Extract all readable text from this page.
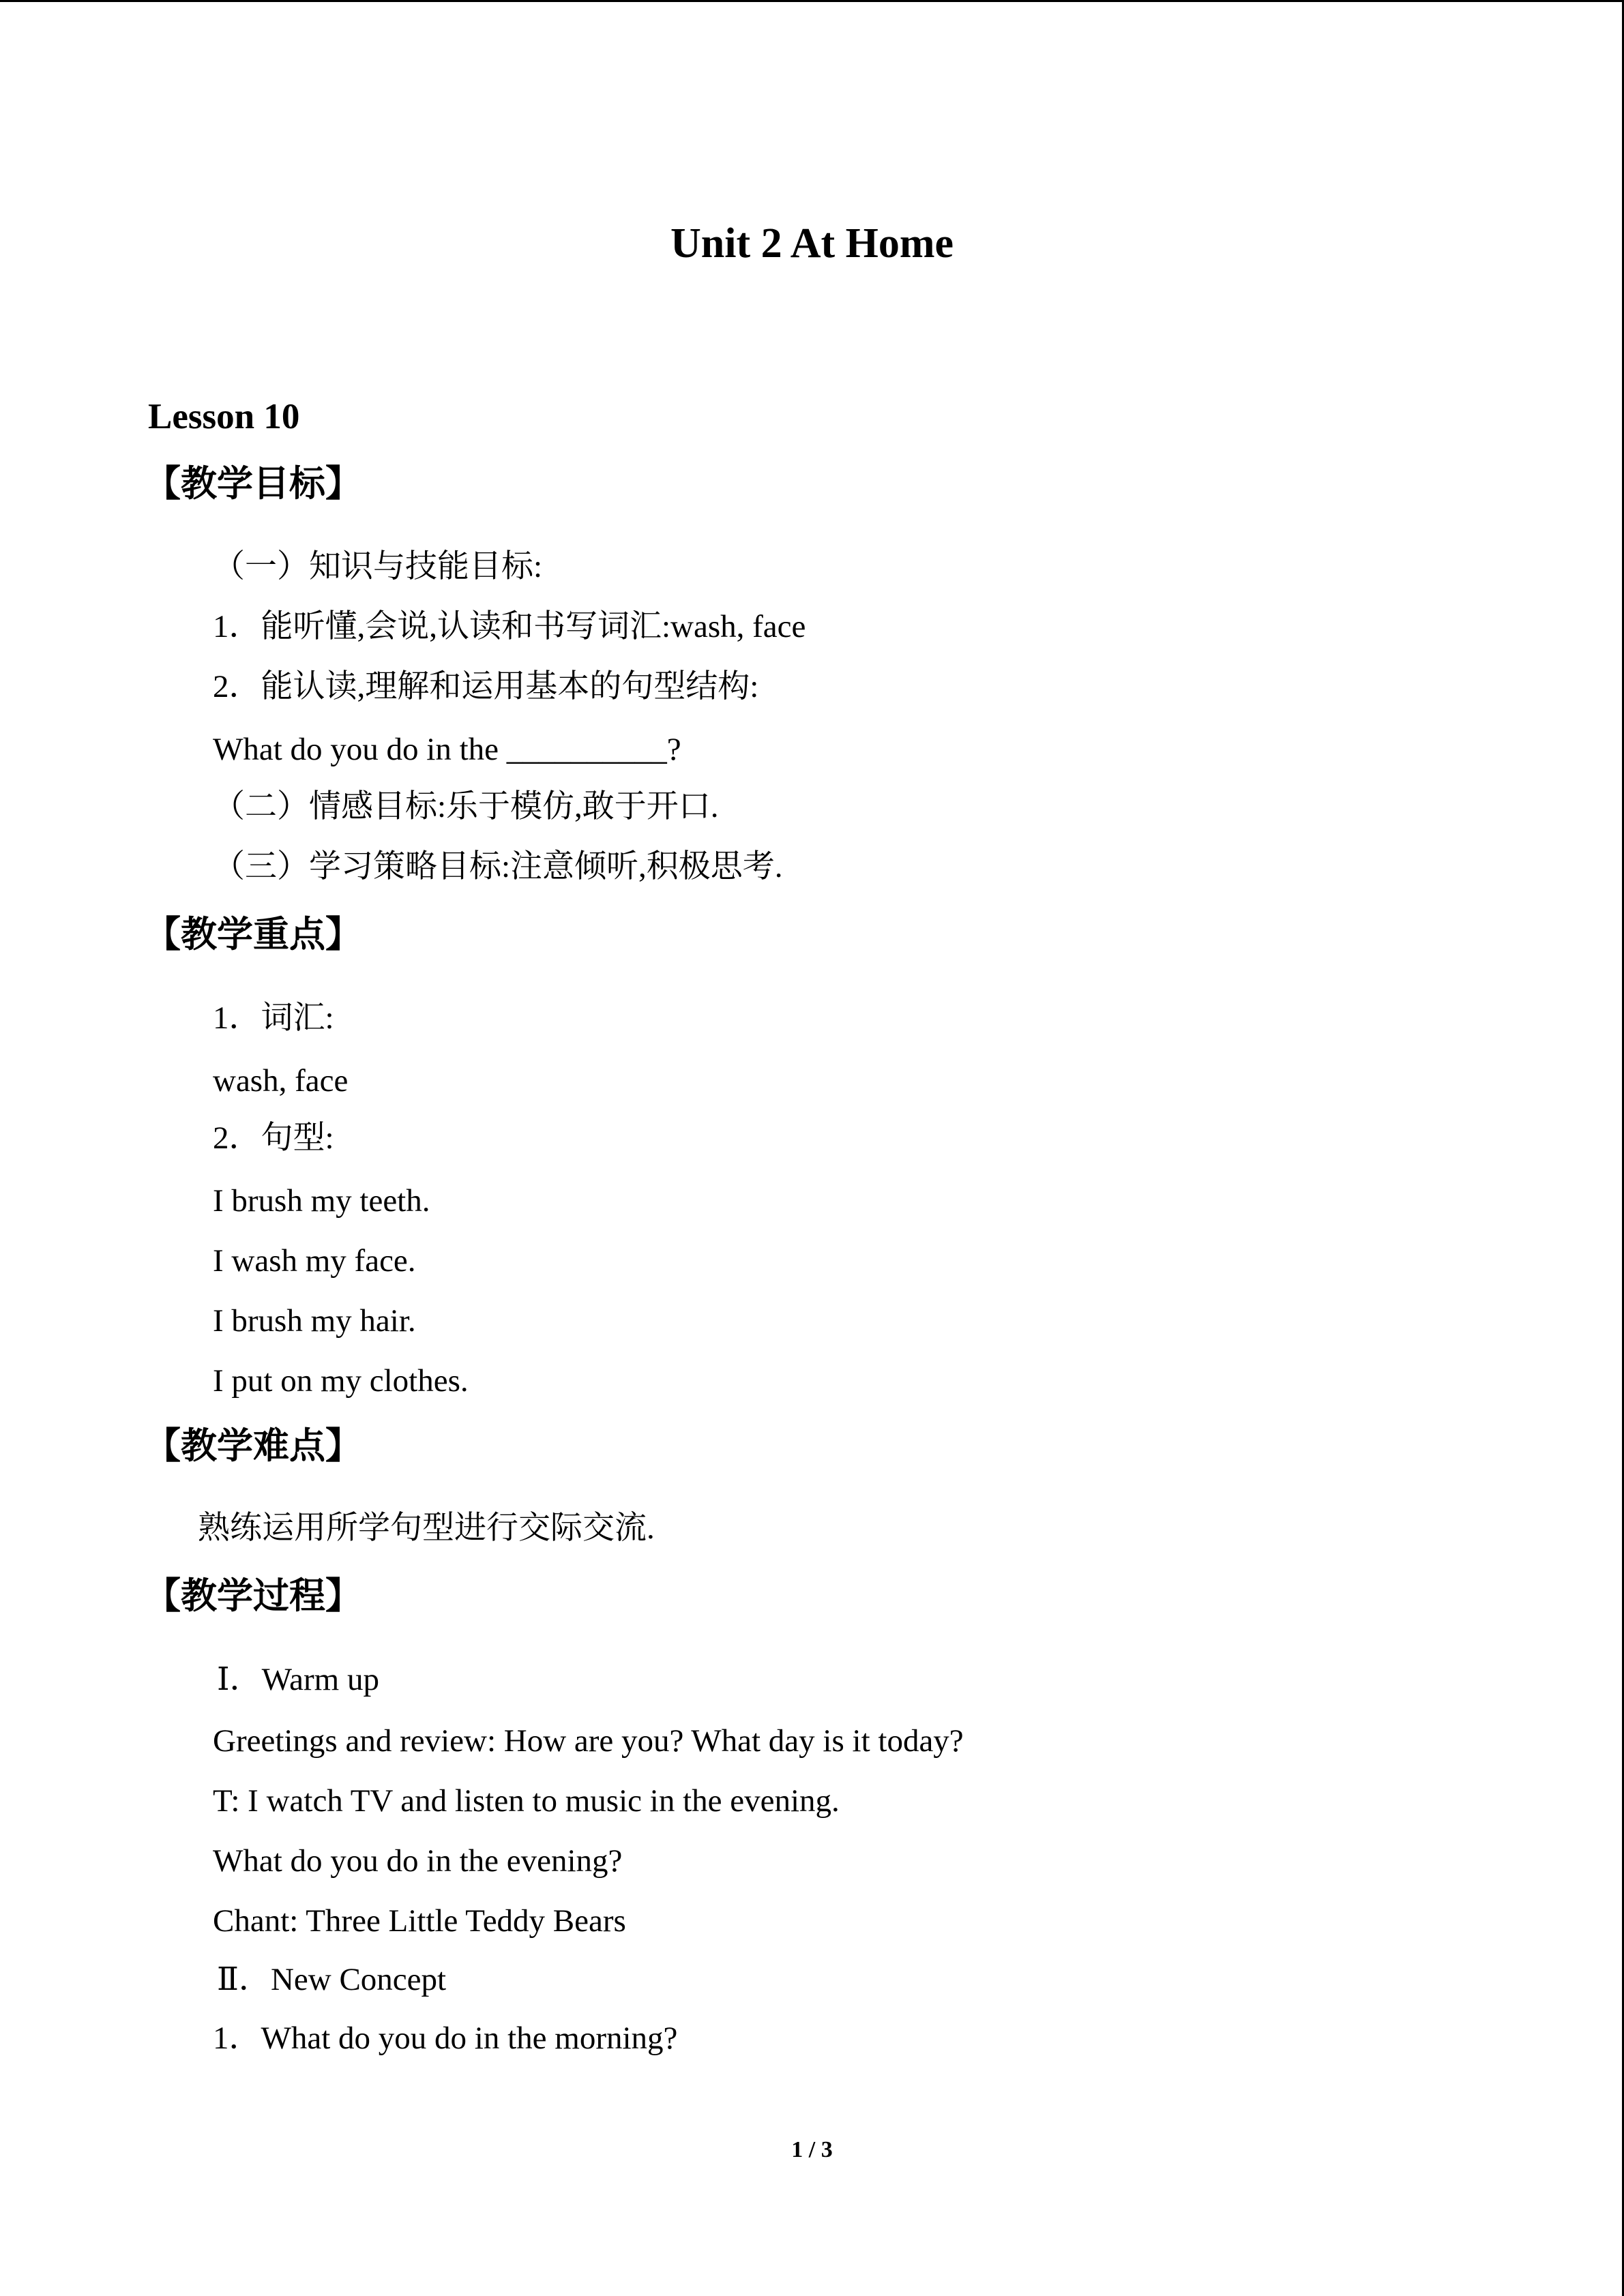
Unit 2 At Home
Lesson 10
【教学目标】
（一）知识与技能目标:
1．能听懂,会说,认读和书写词汇:wash, face
2．能认读,理解和运用基本的句型结构:
What do you do in the __________?
（二）情感目标:乐于模仿,敢于开口.
（三）学习策略目标:注意倾听,积极思考.
【教学重点】
1．词汇:
wash, face
2．句型:
I brush my teeth.
I wash my face.
I brush my hair.
I put on my clothes.
【教学难点】
熟练运用所学句型进行交际交流.
【教学过程】
Ⅰ．Warm up
Greetings and review: How are you? What day is it today?
T: I watch TV and listen to music in the evening.
What do you do in the evening?
Chant: Three Little Teddy Bears
Ⅱ．New Concept
1．What do you do in the morning?
1 / 3
